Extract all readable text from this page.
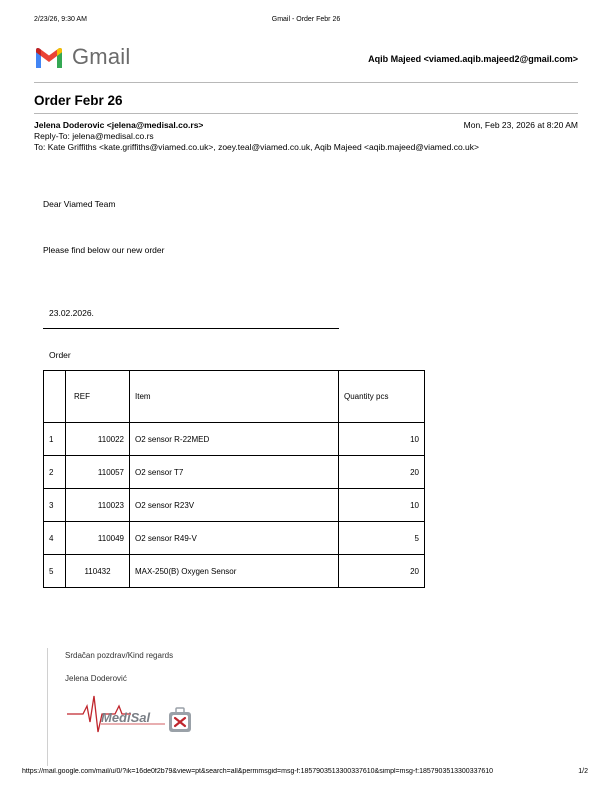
2/23/26, 9:30 AM	Gmail - Order Febr 26
Gmail	Aqib Majeed <viamed.aqib.majeed2@gmail.com>
Order Febr 26
Jelena Doderovic <jelena@medisal.co.rs>	Mon, Feb 23, 2026 at 8:20 AM
Reply-To: jelena@medisal.co.rs
To: Kate Griffiths <kate.griffiths@viamed.co.uk>, zoey.teal@viamed.co.uk, Aqib Majeed <aqib.majeed@viamed.co.uk>
Dear Viamed Team
Please find below our new order
23.02.2026.
Order
	REF	Item	Quantity pcs
1	110022	O2 sensor R-22MED	10
2	110057	O2 sensor T7	20
3	110023	O2 sensor R23V	10
4	110049	O2 sensor R49-V	5
5	110432	MAX-250(B) Oxygen Sensor	20
Srdačan pozdrav/Kind regards
Jelena Doderović
MediSal
https://mail.google.com/mail/u/0/?ik=16de0f2b79&view=pt&search=all&permmsgid=msg-f:1857903513300337610&simpl=msg-f:1857903513300337610	1/2
